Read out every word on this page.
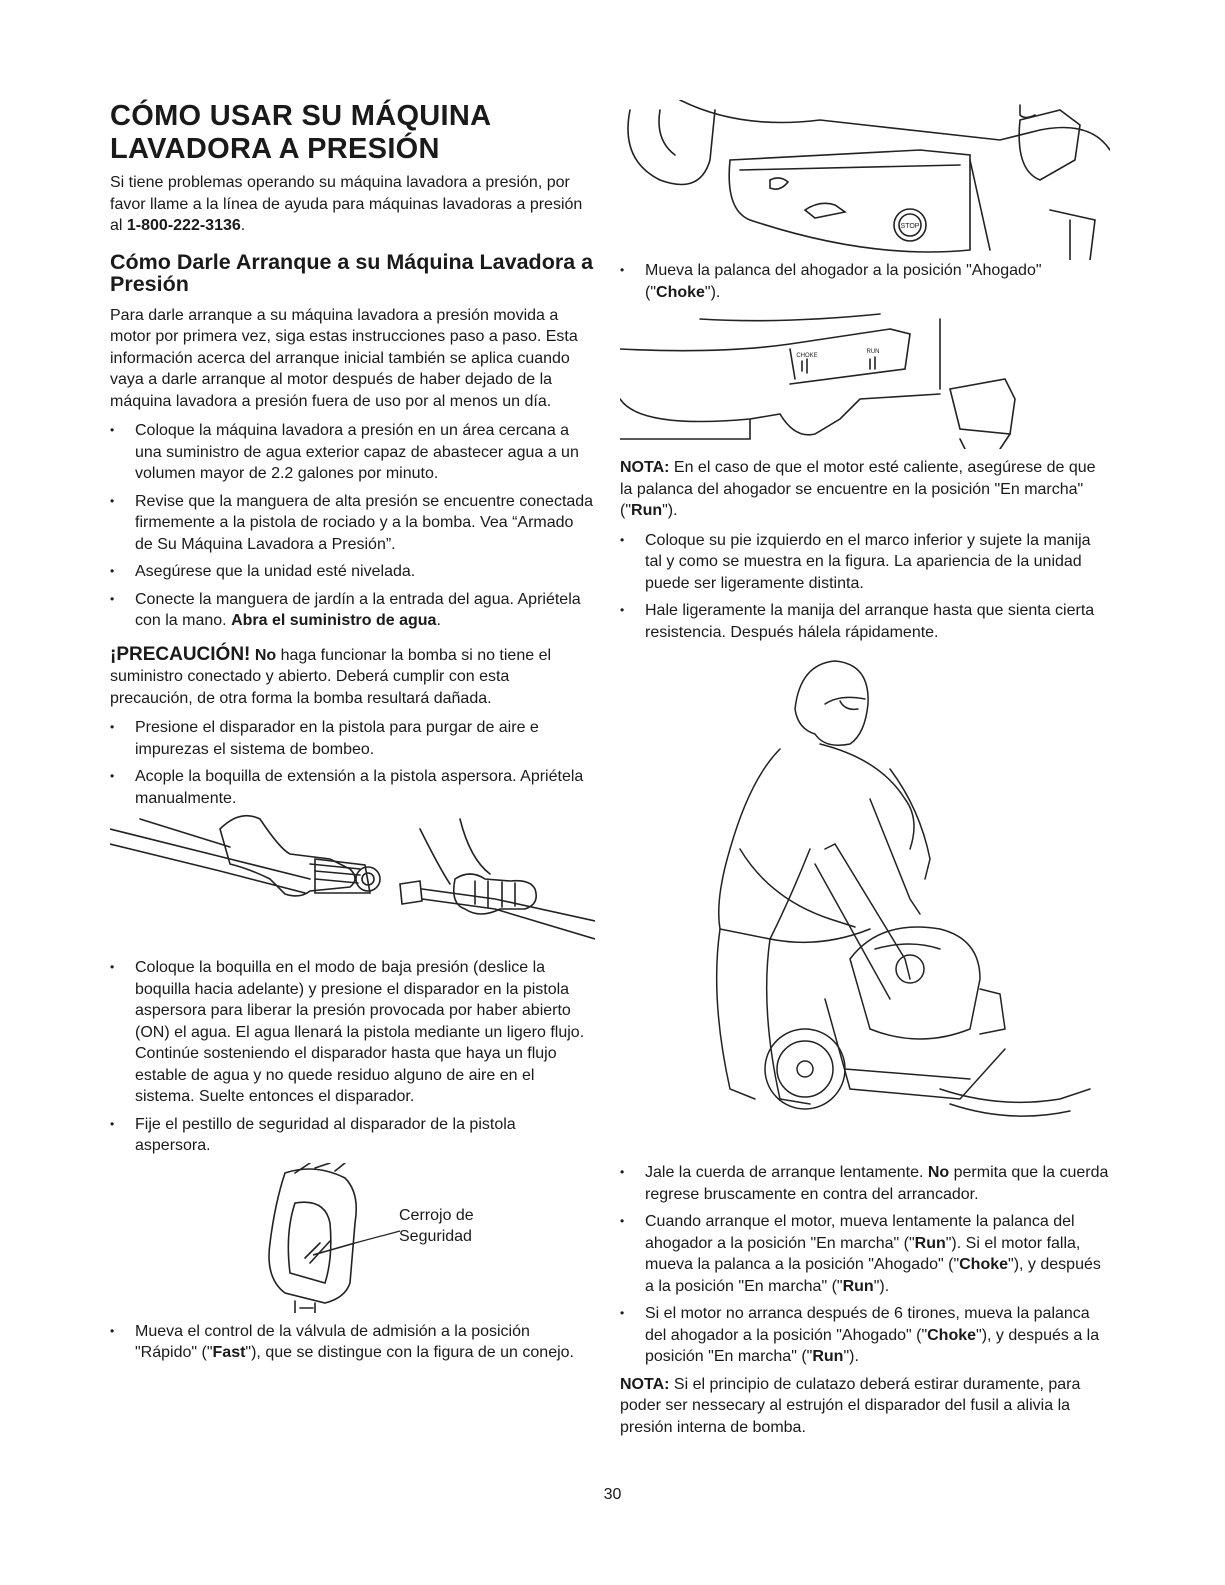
CÓMO USAR SU MÁQUINA
LAVADORA A PRESIÓN

Si tiene problemas operando su máquina lavadora a presión, por favor llame a la línea de ayuda para máquinas lavadoras a presión al 1-800-222-3136.

Cómo Darle Arranque a su Máquina Lavadora a Presión

Para darle arranque a su máquina lavadora a presión movida a motor por primera vez, siga estas instrucciones paso a paso. Esta información acerca del arranque inicial también se aplica cuando vaya a darle arranque al motor después de haber dejado de la máquina lavadora a presión fuera de uso por al menos un día.

• Coloque la máquina lavadora a presión en un área cercana a una suministro de agua exterior capaz de abastecer agua a un volumen mayor de 2.2 galones por minuto.
• Revise que la manguera de alta presión se encuentre conectada firmemente a la pistola de rociado y a la bomba. Vea “Armado de Su Máquina Lavadora a Presión”.
• Asegúrese que la unidad esté nivelada.
• Conecte la manguera de jardín a la entrada del agua. Apriétela con la mano. Abra el suministro de agua.

¡PRECAUCIÓN! No haga funcionar la bomba si no tiene el suministro conectado y abierto. Deberá cumplir con esta precaución, de otra forma la bomba resultará dañada.

• Presione el disparador en la pistola para purgar de aire e impurezas el sistema de bombeo.
• Acople la boquilla de extensión a la pistola aspersora. Apriétela manualmente.
• Coloque la boquilla en el modo de baja presión (deslice la boquilla hacia adelante) y presione el disparador en la pistola aspersora para liberar la presión provocada por haber abierto (ON) el agua. El agua llenará la pistola mediante un ligero flujo. Continúe sosteniendo el disparador hasta que haya un flujo estable de agua y no quede residuo alguno de aire en el sistema. Suelte entonces el disparador.
• Fije el pestillo de seguridad al disparador de la pistola aspersora.
Cerrojo de
Seguridad
• Mueva el control de la válvula de admisión a la posición "Rápido" ("Fast"), que se distingue con la figura de un conejo.
STOP
• Mueva la palanca del ahogador a la posición "Ahogado" ("Choke").
CHOKE
RUN

NOTA: En el caso de que el motor esté caliente, asegúrese de que la palanca del ahogador se encuentre en la posición "En marcha" ("Run").

• Coloque su pie izquierdo en el marco inferior y sujete la manija tal y como se muestra en la figura. La apariencia de la unidad puede ser ligeramente distinta.
• Hale ligeramente la manija del arranque hasta que sienta cierta resistencia. Después hálela rápidamente.
• Jale la cuerda de arranque lentamente. No permita que la cuerda regrese bruscamente en contra del arrancador.
• Cuando arranque el motor, mueva lentamente la palanca del ahogador a la posición "En marcha" ("Run"). Si el motor falla, mueva la palanca a la posición "Ahogado" ("Choke"), y después a la posición "En marcha" ("Run").
• Si el motor no arranca después de 6 tirones, mueva la palanca del ahogador a la posición "Ahogado" ("Choke"), y después a la posición "En marcha" ("Run").

NOTA: Si el principio de culatazo deberá estirar duramente, para poder ser nessecary al estrujón el disparador del fusil a alivia la presión interna de bomba.

30
